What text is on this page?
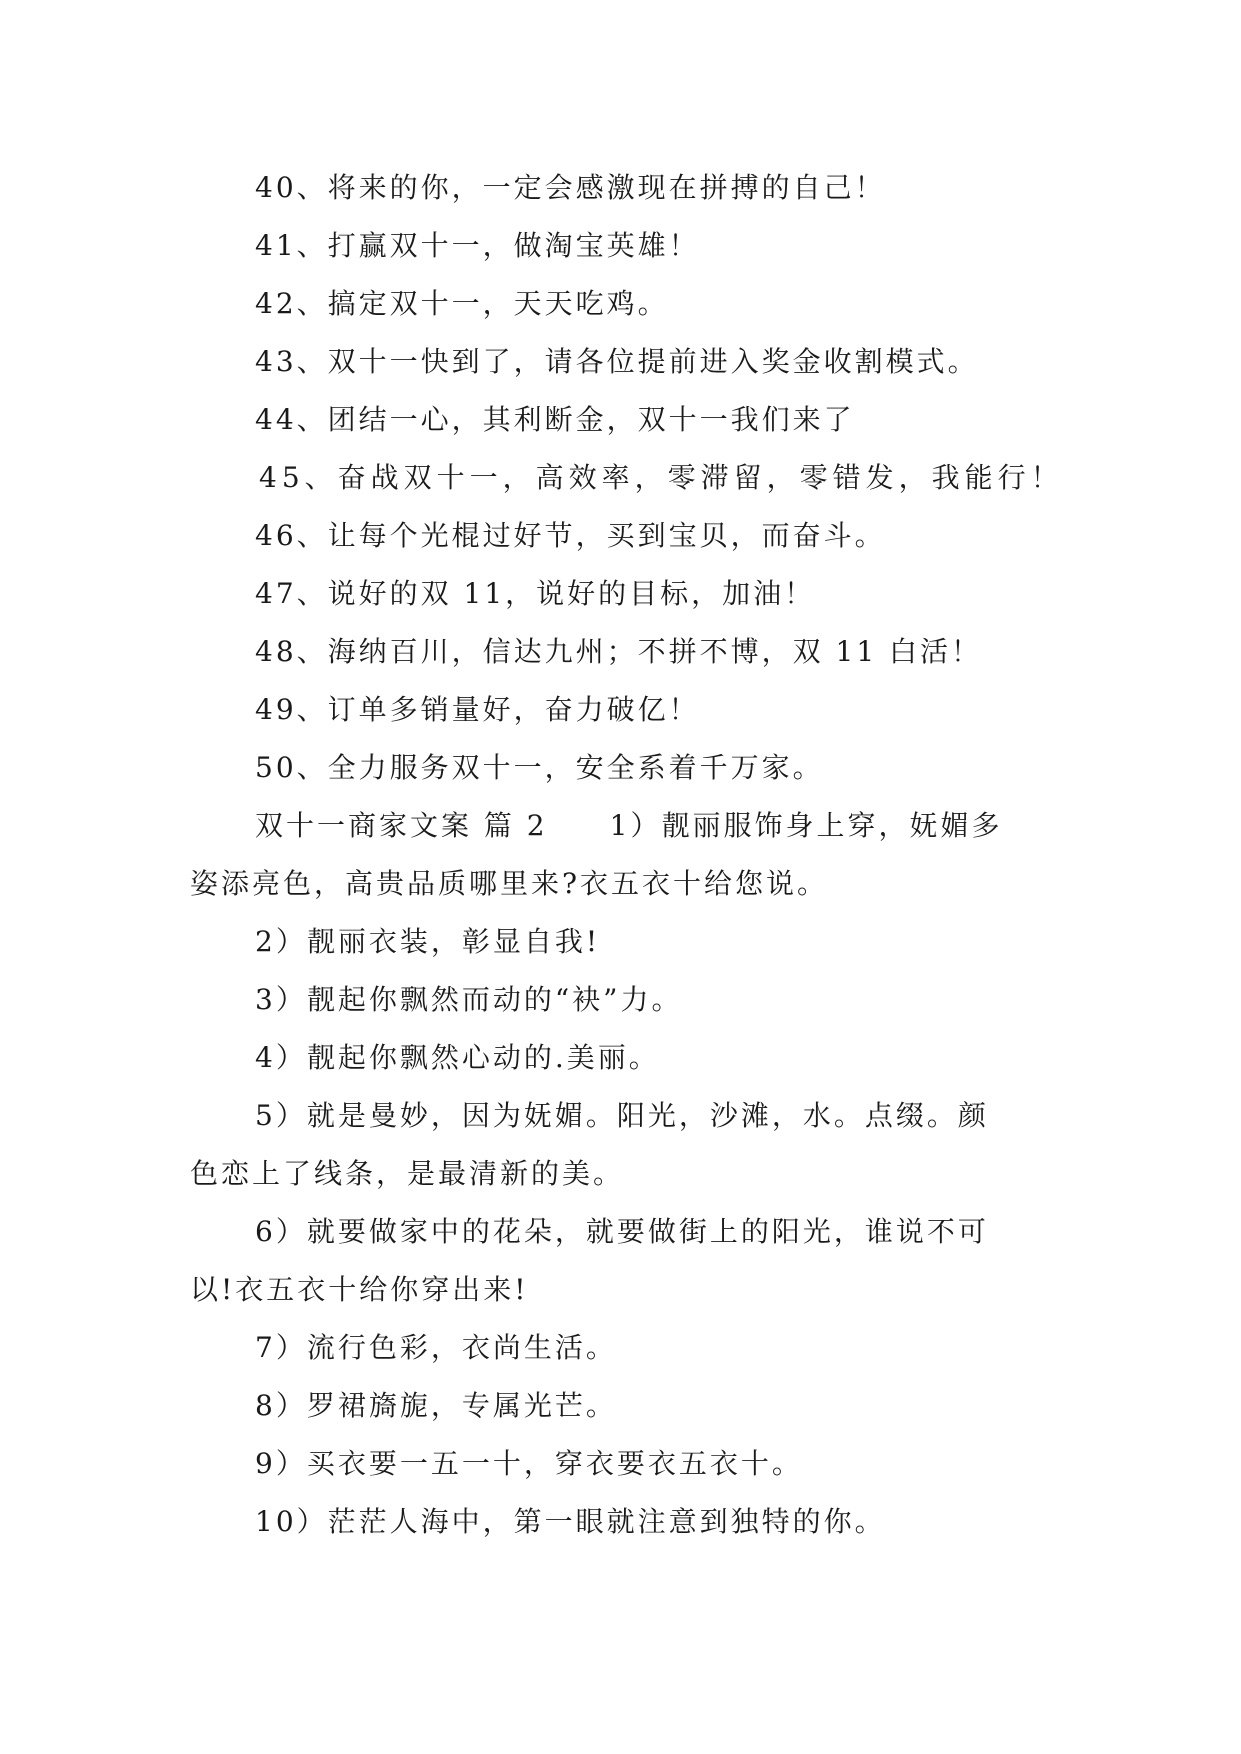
40、将来的你，一定会感激现在拼搏的自己！
41、打赢双十一，做淘宝英雄！
42、搞定双十一，天天吃鸡。
43、双十一快到了，请各位提前进入奖金收割模式。
44、团结一心，其利断金，双十一我们来了
45、奋战双十一，高效率，零滞留，零错发，我能行！
46、让每个光棍过好节，买到宝贝，而奋斗。
47、说好的双 11，说好的目标，加油！
48、海纳百川，信达九州；不拼不博，双 11 白活！
49、订单多销量好，奋力破亿！
50、全力服务双十一，安全系着千万家。
双十一商家文案 篇 2 1）靓丽服饰身上穿，妩媚多
姿添亮色，高贵品质哪里来?衣五衣十给您说。
2）靓丽衣装，彰显自我!
3）靓起你飘然而动的“袂”力。
4）靓起你飘然心动的.美丽。
5）就是曼妙，因为妩媚。阳光，沙滩，水。点缀。颜
色恋上了线条，是最清新的美。
6）就要做家中的花朵，就要做街上的阳光，谁说不可
以!衣五衣十给你穿出来!
7）流行色彩，衣尚生活。
8）罗裙旖旎，专属光芒。
9）买衣要一五一十，穿衣要衣五衣十。
10）茫茫人海中，第一眼就注意到独特的你。
